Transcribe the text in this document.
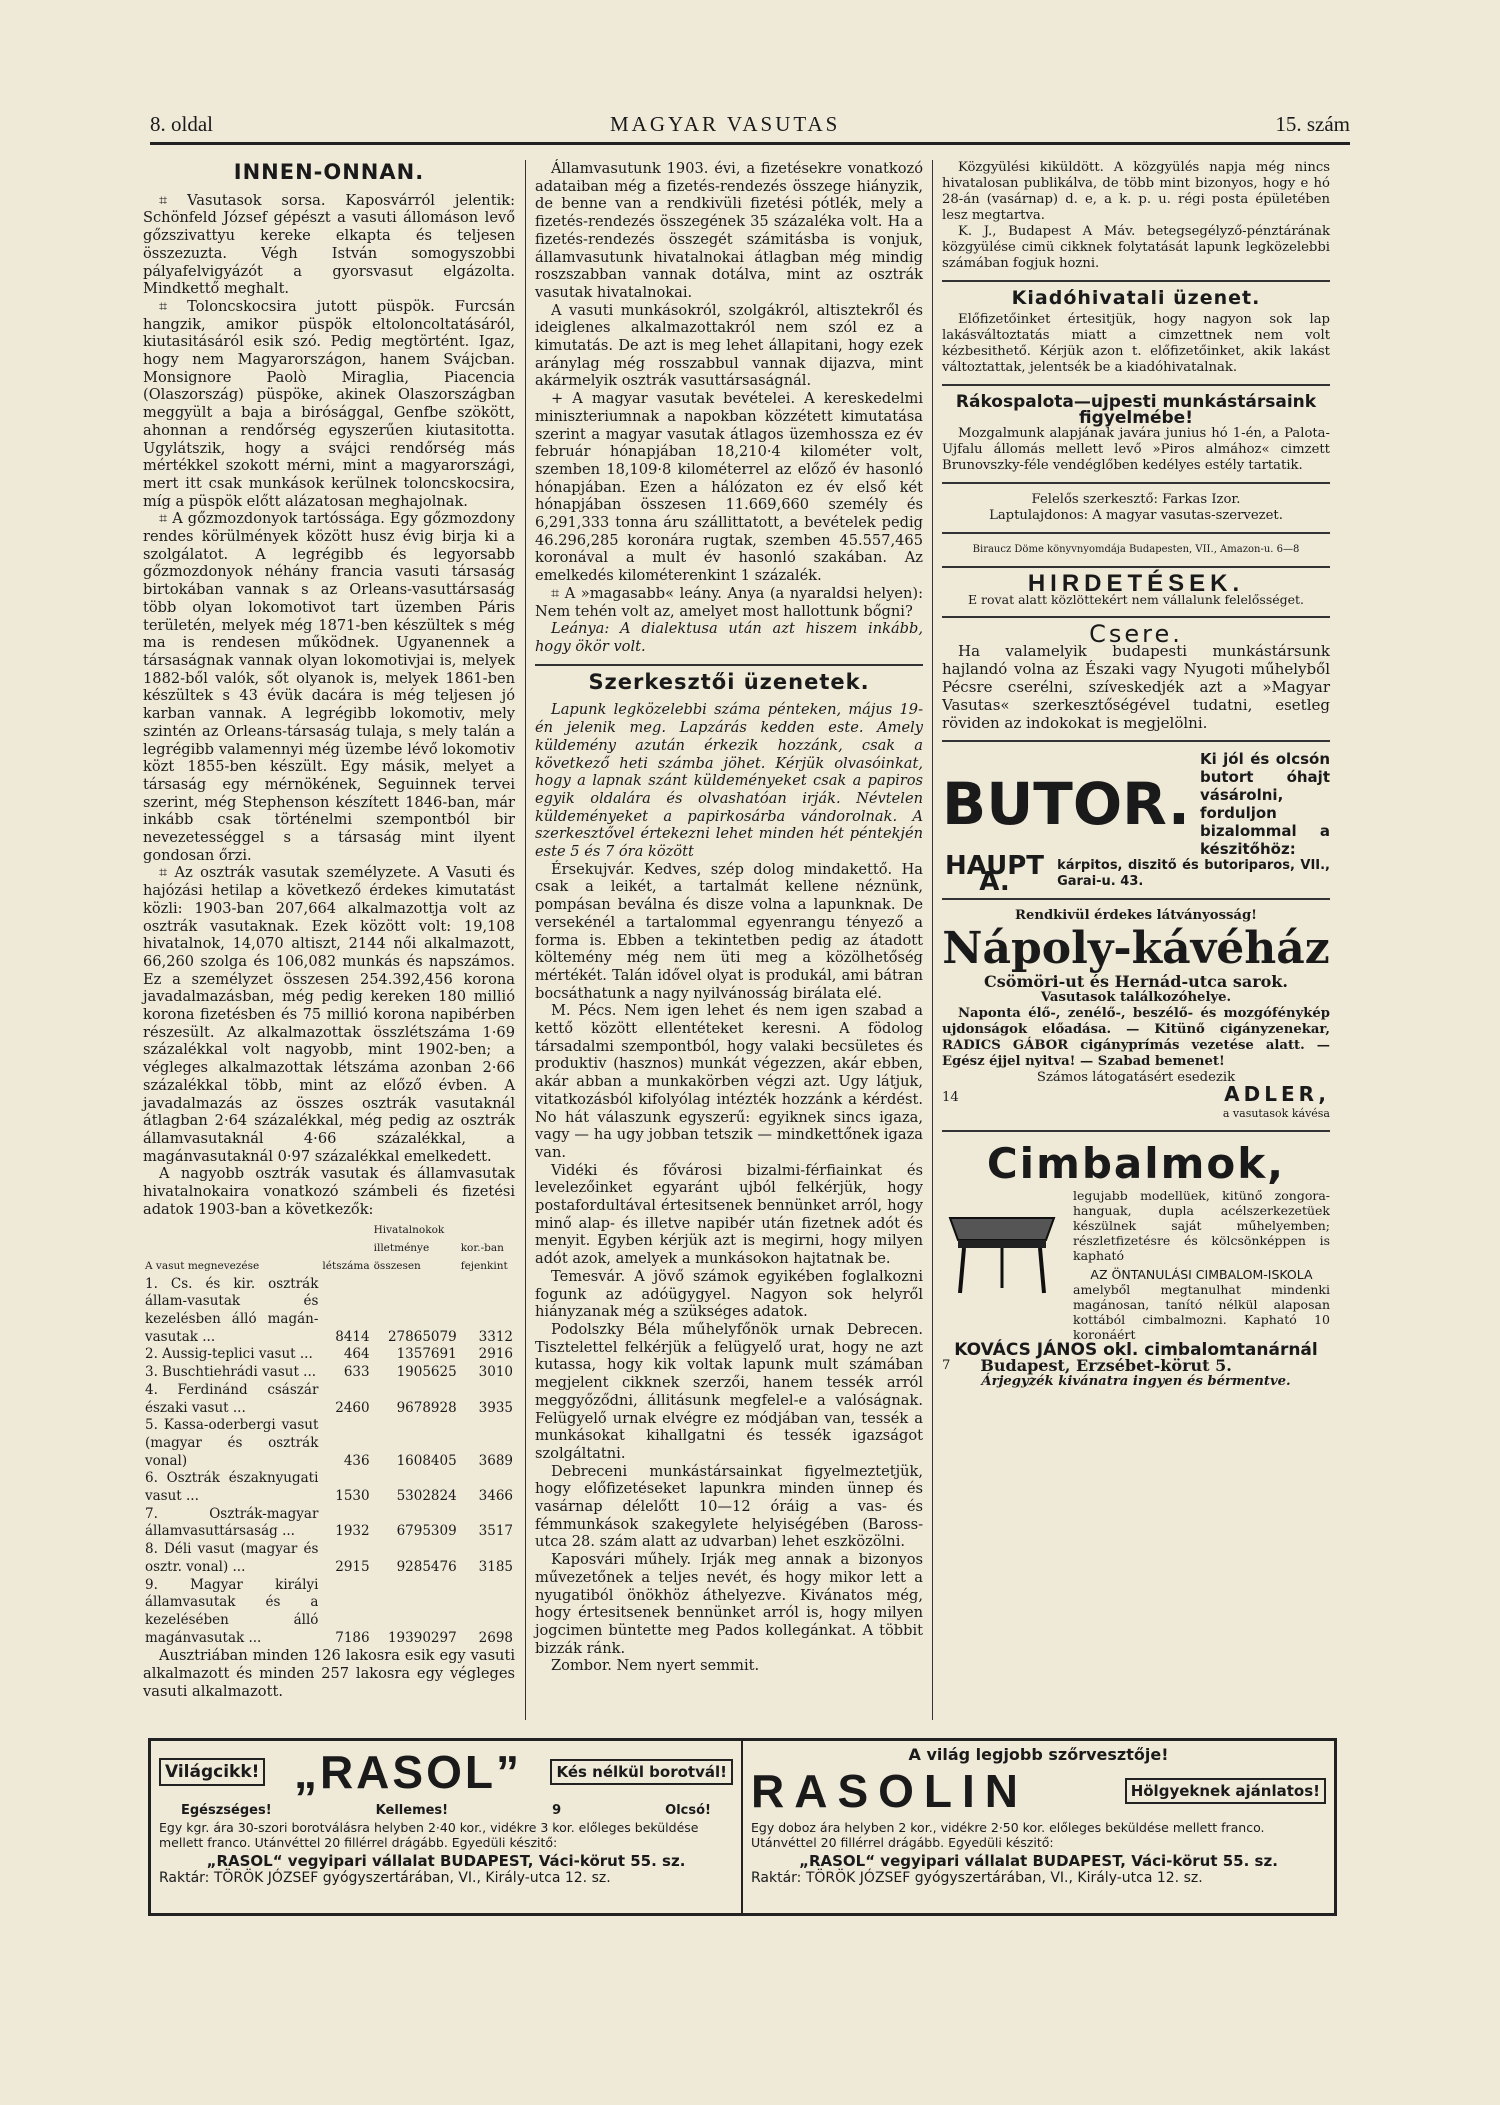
8. oldal	MAGYAR VASUTAS	15. szám
INNEN-ONNAN.

⌗ Vasutasok sorsa. Kaposvárról jelentik: Schönfeld József gépészt a vasuti állomáson levő gőzszivattyu kereke elkapta és teljesen összezuzta. Végh István somogyszobbi pályafelvigyázót a gyorsvasut elgázolta. Mindkettő meghalt.

⌗ Toloncskocsira jutott püspök. Furcsán hangzik, amikor püspök eltoloncoltatásáról, kiutasitásáról esik szó. Pedig megtörtént. Igaz, hogy nem Magyarországon, hanem Svájcban. Monsignore Paolò Miraglia, Piacencia (Olaszország) püspöke, akinek Olaszországban meggyült a baja a birósággal, Genfbe szökött, ahonnan a rendőrség egyszerűen kiutasitotta. Ugylátszik, hogy a svájci rendőrség más mértékkel szokott mérni, mint a magyarországi, mert itt csak munkások kerülnek toloncskocsira, míg a püspök előtt alázatosan meghajolnak.

⌗ A gőzmozdonyok tartóssága. Egy gőzmozdony rendes körülmények között husz évig birja ki a szolgálatot. A legrégibb és legyorsabb gőzmozdonyok néhány francia vasuti társaság birtokában vannak s az Orleans-vasuttársaság több olyan lokomotivot tart üzemben Páris területén, melyek még 1871-ben készültek s még ma is rendesen működnek. Ugyanennek a társaságnak vannak olyan lokomotivjai is, melyek 1882-ből valók, sőt olyanok is, melyek 1861-ben készültek s 43 évük dacára is még teljesen jó karban vannak. A legrégibb lokomotiv, mely szintén az Orleans-társaság tulaja, s mely talán a legrégibb valamennyi még üzembe lévő lokomotiv közt 1855-ben készült. Egy másik, melyet a társaság egy mérnökének, Seguinnek tervei szerint, még Stephenson készített 1846-ban, már inkább csak történelmi szempontból bir nevezetességgel s a társaság mint ilyent gondosan őrzi.

⌗ Az osztrák vasutak személyzete. A Vasuti és hajózási hetilap a következő érdekes kimutatást közli: 1903-ban 207,664 alkalmazottja volt az osztrák vasutaknak. Ezek között volt: 19,108 hivatalnok, 14,070 altiszt, 2144 női alkalmazott, 66,260 szolga és 106,082 munkás és napszámos. Ez a személyzet összesen 254.392,456 korona javadalmazásban, még pedig kereken 180 millió korona fizetésben és 75 millió korona napibérben részesült. Az alkalmazottak összlétszáma 1·69 százalékkal volt nagyobb, mint 1902-ben; a végleges alkalmazottak létszáma azonban 2·66 százalékkal több, mint az előző évben. A javadalmazás az összes osztrák vasutaknál átlagban 2·64 százalékkal, még pedig az osztrák államvasutaknál 4·66 százalékkal, a magánvasutaknál 0·97 százalékkal emelkedett.

A nagyobb osztrák vasutak és államvasutak hivatalnokaira vonatkozó számbeli és fizetési adatok 1903-ban a következők:

A vasut megnevezése	létszáma	Hivatalnokok illetménye összesen	kor.-ban fejenkint
1. Cs. és kir. osztrák állam-vasutak és kezelésben álló magán-vasutak ...	8414	27865079	3312
2. Aussig-teplici vasut ...	464	1357691	2916
3. Buschtiehrádi vasut ...	633	1905625	3010
4. Ferdinánd császár északi vasut ...	2460	9678928	3935
5. Kassa-oderbergi vasut (magyar és osztrák vonal)	436	1608405	3689
6. Osztrák északnyugati vasut ...	1530	5302824	3466
7. Osztrák-magyar államvasuttársaság ...	1932	6795309	3517
8. Déli vasut (magyar és osztr. vonal) ...	2915	9285476	3185
9. Magyar királyi államvasutak és a kezelésében álló magánvasutak ...	7186	19390297	2698

Ausztriában minden 126 lakosra esik egy vasuti alkalmazott és minden 257 lakosra egy végleges vasuti alkalmazott.

Államvasutunk 1903. évi, a fizetésekre vonatkozó adataiban még a fizetés-rendezés összege hiányzik, de benne van a rendkivüli fizetési pótlék, mely a fizetés-rendezés összegének 35 százaléka volt. Ha a fizetés-rendezés összegét számitásba is vonjuk, államvasutunk hivatalnokai átlagban még mindig roszszabban vannak dotálva, mint az osztrák vasutak hivatalnokai.

A vasuti munkásokról, szolgákról, altisztekről és ideiglenes alkalmazottakról nem szól ez a kimutatás. De azt is meg lehet állapitani, hogy ezek aránylag még rosszabbul vannak dijazva, mint akármelyik osztrák vasuttársaságnál.

+ A magyar vasutak bevételei. A kereskedelmi miniszteriumnak a napokban közzétett kimutatása szerint a magyar vasutak átlagos üzemhossza ez év február hónapjában 18,210·4 kilométer volt, szemben 18,109·8 kilométerrel az előző év hasonló hónapjában. Ezen a hálózaton ez év első két hónapjában összesen 11.669,660 személy és 6,291,333 tonna áru szállittatott, a bevételek pedig 46.296,285 koronára rugtak, szemben 45.557,465 koronával a mult év hasonló szakában. Az emelkedés kilométerenkint 1 százalék.

⌗ A »magasabb« leány. Anya (a nyaraldsi helyen): Nem tehén volt az, amelyet most hallottunk bőgni?

Leánya: A dialektusa után azt hiszem inkább, hogy ökör volt.

Szerkesztői üzenetek.

Lapunk legközelebbi száma pénteken, május 19-én jelenik meg. Lapzárás kedden este. Amely küldemény azután érkezik hozzánk, csak a következő heti számba jöhet. Kérjük olvasóinkat, hogy a lapnak szánt küldeményeket csak a papiros egyik oldalára és olvashatóan irják. Névtelen küldeményeket a papirkosárba vándorolnak. A szerkesztővel értekezni lehet minden hét péntekjén este 5 és 7 óra között

Érsekujvár. Kedves, szép dolog mindakettő. Ha csak a leikét, a tartalmát kellene néznünk, pompásan beválna és disze volna a lapunknak. De versekénél a tartalommal egyenrangu tényező a forma is. Ebben a tekintetben pedig az átadott költemény még nem üti meg a közölhetőség mértékét. Talán idővel olyat is produkál, ami bátran bocsáthatunk a nagy nyilvánosság birálata elé.

M. Pécs. Nem igen lehet és nem igen szabad a kettő között ellentéteket keresni. A födolog társadalmi szempontból, hogy valaki becsületes és produktiv (hasznos) munkát végezzen, akár ebben, akár abban a munkakörben végzi azt. Ugy látjuk, vitatkozásból kifolyólag intézték hozzánk a kérdést. No hát válaszunk egyszerű: egyiknek sincs igaza, vagy — ha ugy jobban tetszik — mindkettőnek igaza van.

Vidéki és fővárosi bizalmi-férfiainkat és levelezőinket egyaránt ujból felkérjük, hogy postafordultával értesitsenek bennünket arról, hogy minő alap- és illetve napibér után fizetnek adót és menyit. Egyben kérjük azt is megirni, hogy milyen adót azok, amelyek a munkásokon hajtatnak be.

Temesvár. A jövő számok egyikében foglalkozni fogunk az adóügygyel. Nagyon sok helyről hiányzanak még a szükséges adatok.

Podolszky Béla műhelyfőnök urnak Debrecen. Tisztelettel felkérjük a felügyelő urat, hogy ne azt kutassa, hogy kik voltak lapunk mult számában megjelent cikknek szerzői, hanem tessék arról meggyőződni, állitásunk megfelel-e a valóságnak. Felügyelő urnak elvégre ez módjában van, tessék a munkásokat kihallgatni és tessék igazságot szolgáltatni.

Debreceni munkástársainkat figyelmeztetjük, hogy előfizetéseket lapunkra minden ünnep és vasárnap délelőtt 10—12 óráig a vas- és fémmunkások szakegylete helyiségében (Baross-utca 28. szám alatt az udvarban) lehet eszközölni.

Kaposvári műhely. Irják meg annak a bizonyos művezetőnek a teljes nevét, és hogy mikor lett a nyugatiból önökhöz áthelyezve. Kivánatos még, hogy értesitsenek bennünket arról is, hogy milyen jogcimen büntette meg Pados kollegánkat. A többit bizzák ránk.

Zombor. Nem nyert semmit.

Közgyülési kiküldött. A közgyülés napja még nincs hivatalosan publikálva, de több mint bizonyos, hogy e hó 28-án (vasárnap) d. e, a k. p. u. régi posta épületében lesz megtartva.

K. J., Budapest A Máv. betegsegélyző-pénztárának közgyülése cimü cikknek folytatását lapunk legközelebbi számában fogjuk hozni.

Kiadóhivatali üzenet.

Előfizetőinket értesitjük, hogy nagyon sok lap lakásváltoztatás miatt a cimzettnek nem volt kézbesithető. Kérjük azon t. előfizetőinket, akik lakást változtattak, jelentsék be a kiadóhivatalnak.

Rákospalota—ujpesti munkástársaink figyelmébe!

Mozgalmunk alapjának javára junius hó 1-én, a Palota-Ujfalu állomás mellett levő »Piros almához« cimzett Brunovszky-féle vendéglőben kedélyes estély tartatik.

Felelős szerkesztő: Farkas Izor.

Laptulajdonos: A magyar vasutas-szervezet.

Biraucz Döme könyvnyomdája Budapesten, VII., Amazon-u. 6—8

HIRDETÉSEK.

E rovat alatt közlöttekért nem vállalunk felelősséget.

Csere.

Ha valamelyik budapesti munkástársunk hajlandó volna az Északi vagy Nyugoti műhelyből Pécsre cserélni, szíveskedjék azt a »Magyar Vasutas« szerkesztőségével tudatni, esetleg röviden az indokokat is megjelölni.

BUTOR.
Ki jól és olcsón butort óhajt vásárolni, forduljon bizalommal a készitőhöz:
HAUPT A.
kárpitos, diszitő és butoriparos, VII., Garai-u. 43.
Rendkivül érdekes látványosság!
Nápoly-kávéház
Csömöri-ut és Hernád-utca sarok.
Vasutasok találkozóhelye.

Naponta élő-, zenélő-, beszélő- és mozgófénykép ujdonságok előadása. — Kitünő cigányzenekar, RADICS GÁBOR cigányprímás vezetése alatt. — Egész éjjel nyitva! — Szabad bemenet!

Számos látogatásért esedezik

14	ADLER,

a vasutasok kávésa

Cimbalmok,

legujabb modellüek, kitünő zongora-hanguak, dupla acélszerkezetüek készülnek saját műhelyemben; részletfizetésre és kölcsönképpen is kapható

AZ ÖNTANULÁSI CIMBALOM-ISKOLA

amelyből megtanulhat mindenki magánosan, tanító nélkül alaposan kottából cimbalmozni. Kapható 10 koronáért

KOVÁCS JÁNOS okl. cimbalomtanárnál
7 Budapest, Erzsébet-körut 5.

Árjegyzék kivánatra ingyen és bérmentve.

Világcikk! „RASOL”	Kés nélkül borotvál!
Egészséges!	Kellemes!	9	Olcsó!

Egy kgr. ára 30-szori borotválásra helyben 2·40 kor., vidékre 3 kor. előleges beküldése mellett franco. Utánvéttel 20 fillérrel drágább. Egyedüli készitő:

„RASOL“ vegyipari vállalat BUDAPEST, Váci-körut 55. sz.

Raktár: TÖRÖK JÓZSEF gyógyszertárában, VI., Király-utca 12. sz.

A világ legjobb szőrvesztője!
RASOLIN	Hölgyeknek ajánlatos!

Egy doboz ára helyben 2 kor., vidékre 2·50 kor. előleges beküldése mellett franco. Utánvéttel 20 fillérrel drágább. Egyedüli készitő:

„RASOL“ vegyipari vállalat BUDAPEST, Váci-körut 55. sz.

Raktár: TÖRÖK JÓZSEF gyógyszertárában, VI., Király-utca 12. sz.
